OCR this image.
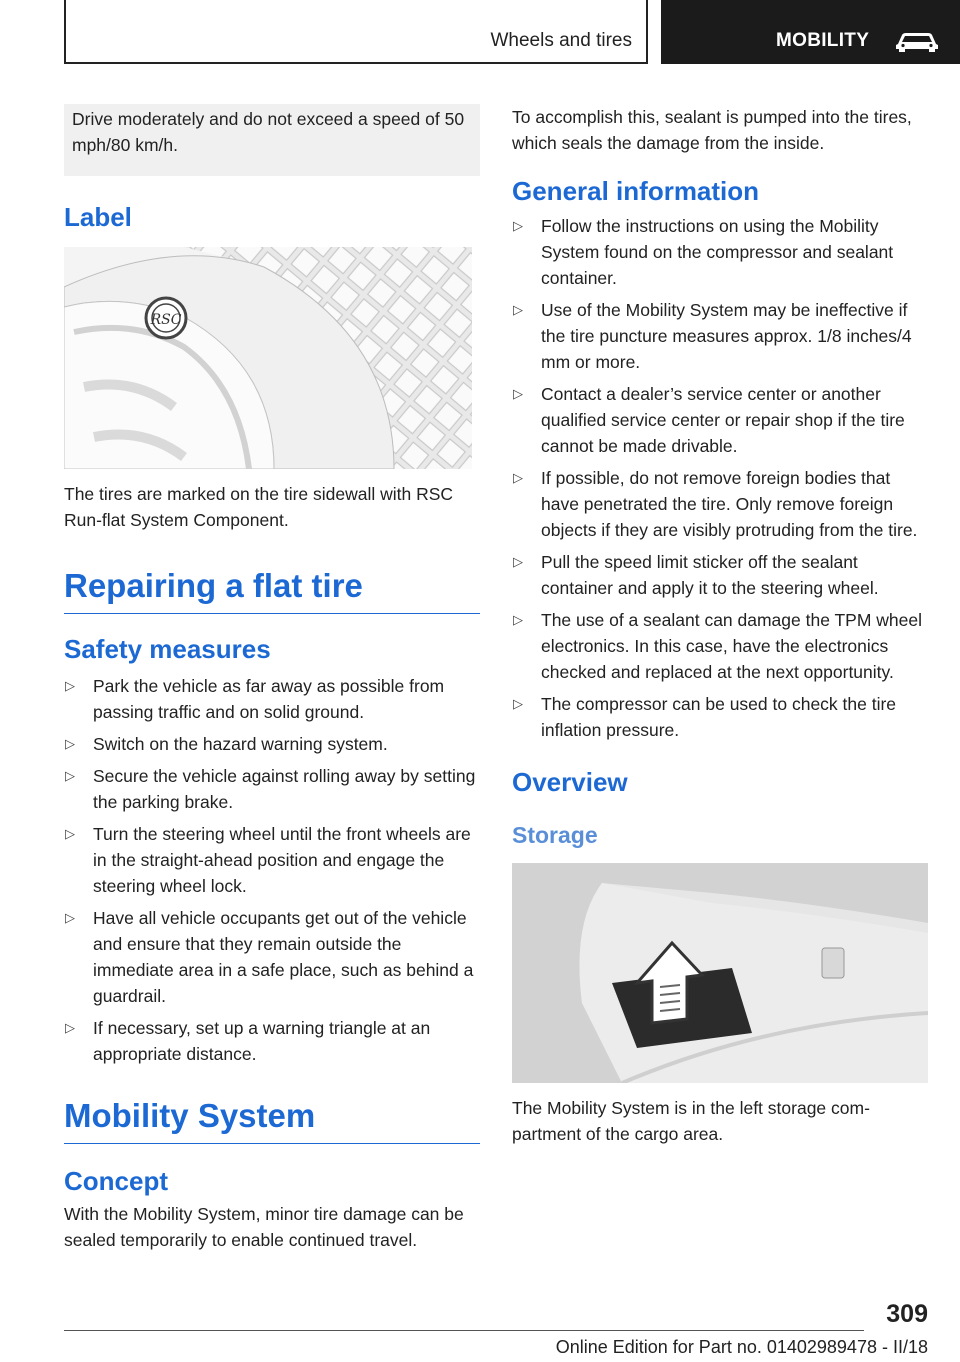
Wheels and tires	MOBILITY
Drive moderately and do not exceed a speed of 50 mph/80 km/h.
Label
RSC

The tires are marked on the tire sidewall with RSC Run-flat System Component.

Repairing a flat tire
Safety measures
▷ Park the vehicle as far away as possible from passing traffic and on solid ground.
▷ Switch on the hazard warning system.
▷ Secure the vehicle against rolling away by setting the parking brake.
▷ Turn the steering wheel until the front wheels are in the straight-ahead position and engage the steering wheel lock.
▷ Have all vehicle occupants get out of the vehicle and ensure that they remain outside the immediate area in a safe place, such as behind a guardrail.
▷ If necessary, set up a warning triangle at an appropriate distance.
Mobility System
Concept

With the Mobility System, minor tire damage can be sealed temporarily to enable continued travel.

To accomplish this, sealant is pumped into the tires, which seals the damage from the inside.

General information
▷ Follow the instructions on using the Mobility System found on the compressor and sealant container.
▷ Use of the Mobility System may be ineffective if the tire puncture measures approx. 1/8 inches/4 mm or more.
▷ Contact a dealer’s service center or another qualified service center or repair shop if the tire cannot be made drivable.
▷ If possible, do not remove foreign bodies that have penetrated the tire. Only remove foreign objects if they are visibly protruding from the tire.
▷ Pull the speed limit sticker off the sealant container and apply it to the steering wheel.
▷ The use of a sealant can damage the TPM wheel electronics. In this case, have the electronics checked and replaced at the next opportunity.
▷ The compressor can be used to check the tire inflation pressure.
Overview
Storage

The Mobility System is in the left storage compartment of the cargo area.

309
Online Edition for Part no. 01402989478 - II/18
